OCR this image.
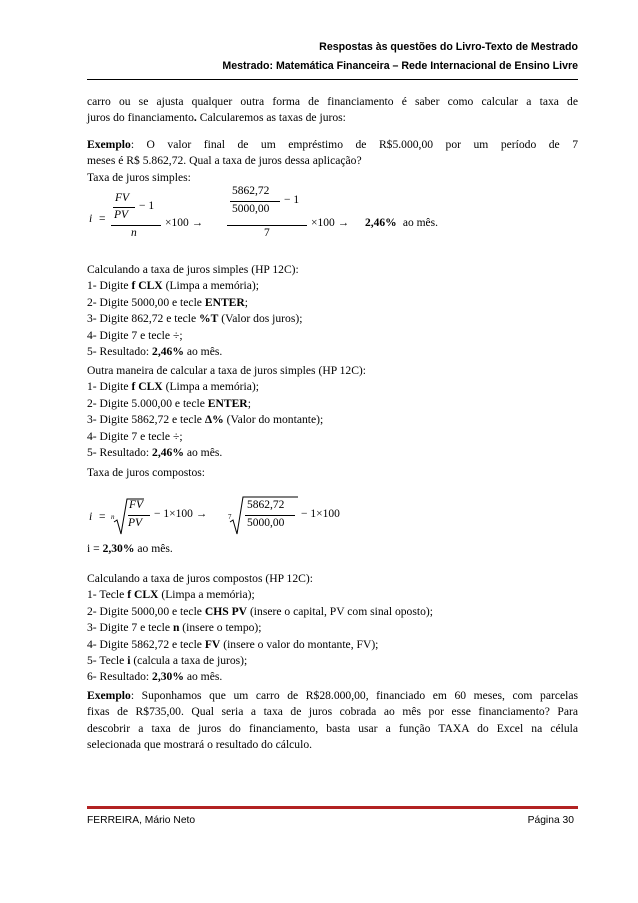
Respostas às questões do Livro-Texto de Mestrado
Mestrado: Matemática Financeira – Rede Internacional de Ensino Livre
carro ou se ajusta qualquer outra forma de financiamento é saber como calcular a taxa de
juros do financiamento. Calcularemos as taxas de juros:
Exemplo: O valor final de um empréstimo de R$5.000,00 por um período de 7
meses é R$ 5.862,72. Qual a taxa de juros dessa aplicação?
Taxa de juros simples:
i =
FV
PV
− 1
n
×100 →
5862,72
5000,00
− 1
7
×100 → 2,46% ao mês.
Calculando a taxa de juros simples (HP 12C):
1- Digite f CLX (Limpa a memória);
2- Digite 5000,00 e tecle ENTER;
3- Digite 862,72 e tecle %T (Valor dos juros);
4- Digite 7 e tecle ÷;
5- Resultado: 2,46% ao mês.
Outra maneira de calcular a taxa de juros simples (HP 12C):
1- Digite f CLX (Limpa a memória);
2- Digite 5.000,00 e tecle ENTER;
3- Digite 5862,72 e tecle Δ% (Valor do montante);
4- Digite 7 e tecle ÷;
5- Resultado: 2,46% ao mês.
Taxa de juros compostos:
i = n
FV
PV
− 1×100 →	7
5862,72
5000,00
− 1×100
i = 2,30% ao mês.
Calculando a taxa de juros compostos (HP 12C):
1- Tecle f CLX (Limpa a memória);
2- Digite 5000,00 e tecle CHS PV (insere o capital, PV com sinal oposto);
3- Digite 7 e tecle n (insere o tempo);
4- Digite 5862,72 e tecle FV (insere o valor do montante, FV);
5- Tecle i (calcula a taxa de juros);
6- Resultado: 2,30% ao mês.
Exemplo: Suponhamos que um carro de R$28.000,00, financiado em 60 meses, com parcelas
fixas de R$735,00. Qual seria a taxa de juros cobrada ao mês por esse financiamento? Para
descobrir a taxa de juros do financiamento, basta usar a função TAXA do Excel na célula
selecionada que mostrará o resultado do cálculo.
FERREIRA, Mário Neto	Página 30
